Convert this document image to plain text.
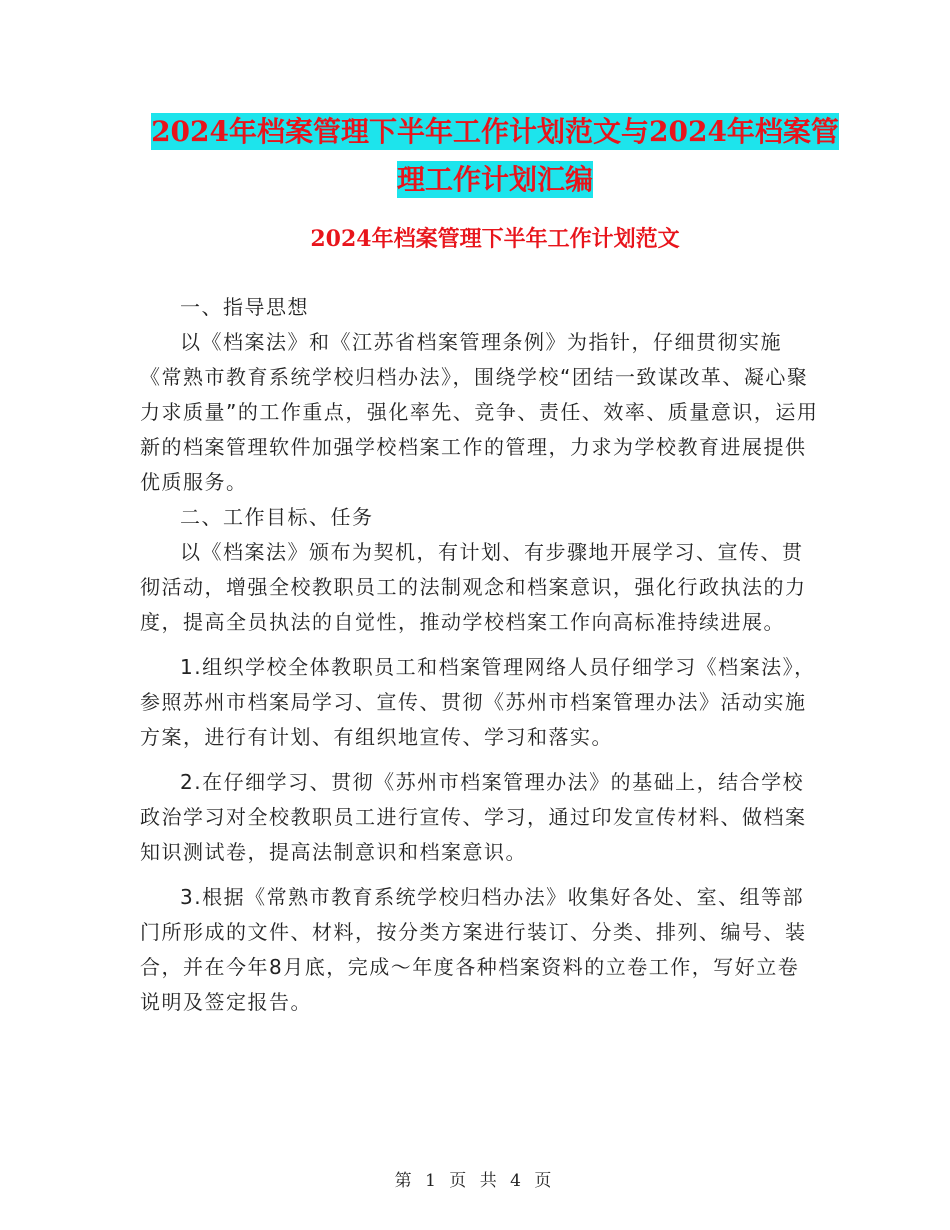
2024年档案管理下半年工作计划范文与2024年档案管理工作计划汇编
2024年档案管理下半年工作计划范文

一、指导思想

以《档案法》和《江苏省档案管理条例》为指针，仔细贯彻实施《常熟市教育系统学校归档办法》，围绕学校“团结一致谋改革、凝心聚力求质量”的工作重点，强化率先、竞争、责任、效率、质量意识，运用新的档案管理软件加强学校档案工作的管理，力求为学校教育进展提供优质服务。

二、工作目标、任务

以《档案法》颁布为契机，有计划、有步骤地开展学习、宣传、贯彻活动，增强全校教职员工的法制观念和档案意识，强化行政执法的力度，提高全员执法的自觉性，推动学校档案工作向高标准持续进展。

1.组织学校全体教职员工和档案管理网络人员仔细学习《档案法》，参照苏州市档案局学习、宣传、贯彻《苏州市档案管理办法》活动实施方案，进行有计划、有组织地宣传、学习和落实。

2.在仔细学习、贯彻《苏州市档案管理办法》的基础上，结合学校政治学习对全校教职员工进行宣传、学习，通过印发宣传材料、做档案知识测试卷，提高法制意识和档案意识。

3.根据《常熟市教育系统学校归档办法》收集好各处、室、组等部门所形成的文件、材料，按分类方案进行装订、分类、排列、编号、装合，并在今年8月底，完成～年度各种档案资料的立卷工作，写好立卷说明及签定报告。

第 1 页 共 4 页
